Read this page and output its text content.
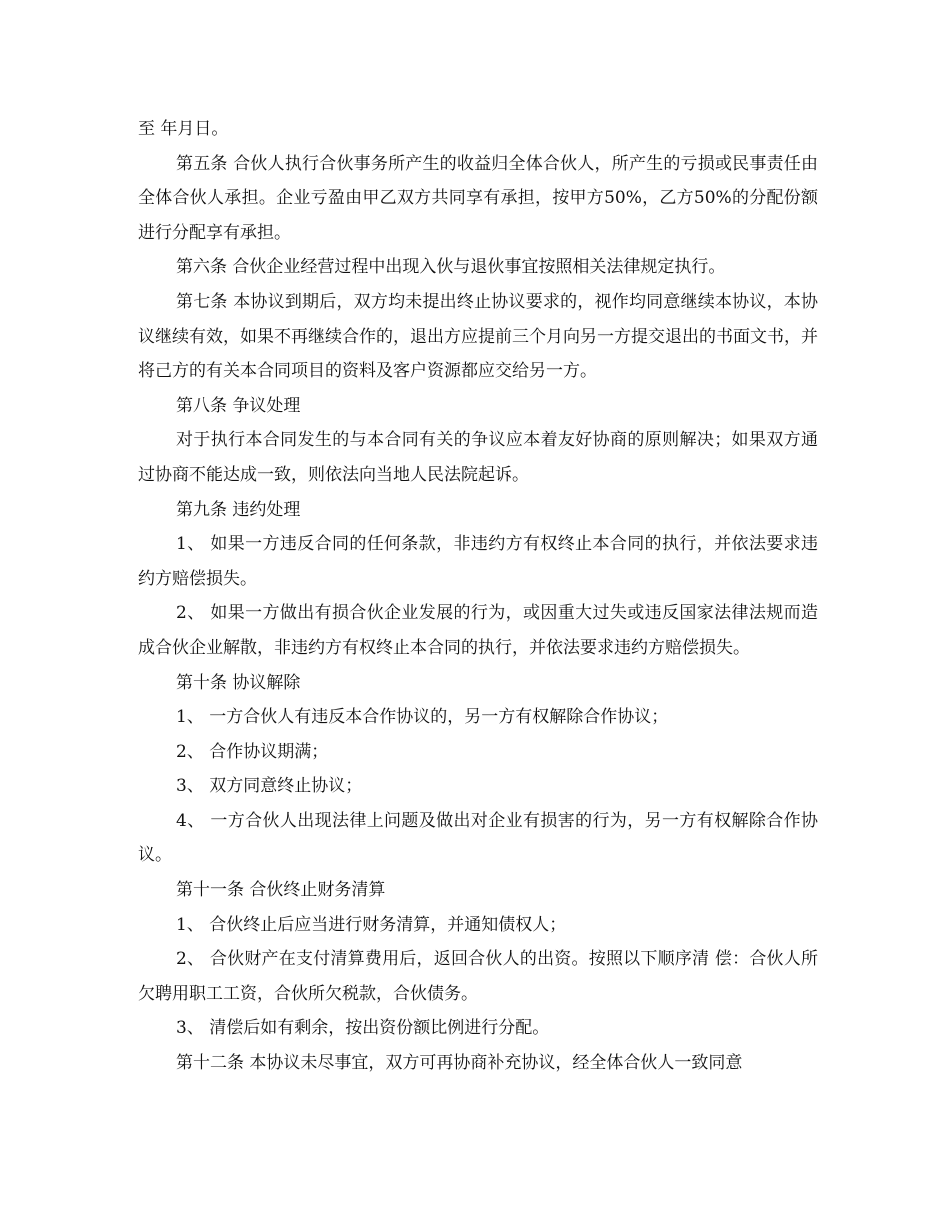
至 年月日。

第五条 合伙人执行合伙事务所产生的收益归全体合伙人，所产生的亏损或民事责任由全体合伙人承担。企业亏盈由甲乙双方共同享有承担，按甲方50%，乙方50%的分配份额进行分配享有承担。

第六条 合伙企业经营过程中出现入伙与退伙事宜按照相关法律规定执行。

第七条 本协议到期后，双方均未提出终止协议要求的，视作均同意继续本协议，本协议继续有效，如果不再继续合作的，退出方应提前三个月向另一方提交退出的书面文书，并将己方的有关本合同项目的资料及客户资源都应交给另一方。

第八条 争议处理

对于执行本合同发生的与本合同有关的争议应本着友好协商的原则解决；如果双方通过协商不能达成一致，则依法向当地人民法院起诉。

第九条 违约处理

1、 如果一方违反合同的任何条款，非违约方有权终止本合同的执行，并依法要求违约方赔偿损失。

2、 如果一方做出有损合伙企业发展的行为，或因重大过失或违反国家法律法规而造成合伙企业解散，非违约方有权终止本合同的执行，并依法要求违约方赔偿损失。

第十条 协议解除

1、 一方合伙人有违反本合作协议的，另一方有权解除合作协议；

2、 合作协议期满；

3、 双方同意终止协议；

4、 一方合伙人出现法律上问题及做出对企业有损害的行为，另一方有权解除合作协议。

第十一条 合伙终止财务清算

1、 合伙终止后应当进行财务清算，并通知债权人；

2、 合伙财产在支付清算费用后，返回合伙人的出资。按照以下顺序清 偿：合伙人所欠聘用职工工资，合伙所欠税款，合伙债务。

3、 清偿后如有剩余，按出资份额比例进行分配。

第十二条 本协议未尽事宜，双方可再协商补充协议，经全体合伙人一致同意
